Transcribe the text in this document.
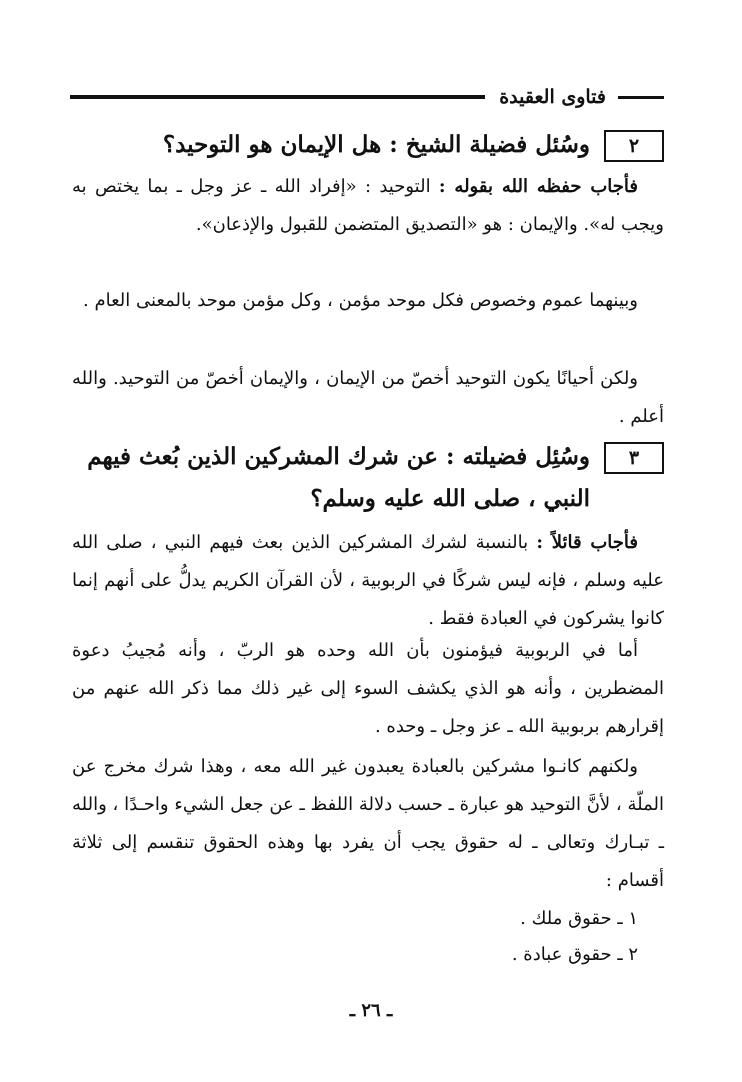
فتاوى العقيدة
٢
وسُئل فضيلة الشيخ : هل الإيمان هو التوحيد؟
فأجاب حفظه الله بقوله : التوحيد : «إفراد الله ـ عز وجل ـ بما يختص به ويجب له». والإيمان : هو «التصديق المتضمن للقبول والإذعان».
وبينهما عموم وخصوص فكل موحد مؤمن ، وكل مؤمن موحد بالمعنى العام .
ولكن أحيانًا يكون التوحيد أخصّ من الإيمان ، والإيمان أخصّ من التوحيد. والله أعلم .
٣
وسُئِل فضيلته : عن شرك المشركين الذين بُعث فيهم النبي ، صلى الله عليه وسلم؟
فأجاب قائلاً : بالنسبة لشرك المشركين الذين بعث فيهم النبي ، صلى الله عليه وسلم ، فإنه ليس شركًا في الربوبية ، لأن القرآن الكريم يدلُّ على أنهم إنما كانوا يشركون في العبادة فقط .
أما في الربوبية فيؤمنون بأن الله وحده هو الربّ ، وأنه مُجيبُ دعوة المضطرين ، وأنه هو الذي يكشف السوء إلى غير ذلك مما ذكر الله عنهم من إقرارهم بربوبية الله ـ عز وجل ـ وحده .
ولكنهم كانـوا مشركين بالعبادة يعبدون غير الله معه ، وهذا شرك مخرج عن الملّة ، لأنَّ التوحيد هو عبارة ـ حسب دلالة اللفظ ـ عن جعل الشيء واحـدًا ، والله ـ تبـارك وتعالى ـ له حقوق يجب أن يفرد بها وهذه الحقوق تنقسم إلى ثلاثة أقسام :
١ ـ حقوق ملك .
٢ ـ حقوق عبادة .
ـ ٢٦ ـ
